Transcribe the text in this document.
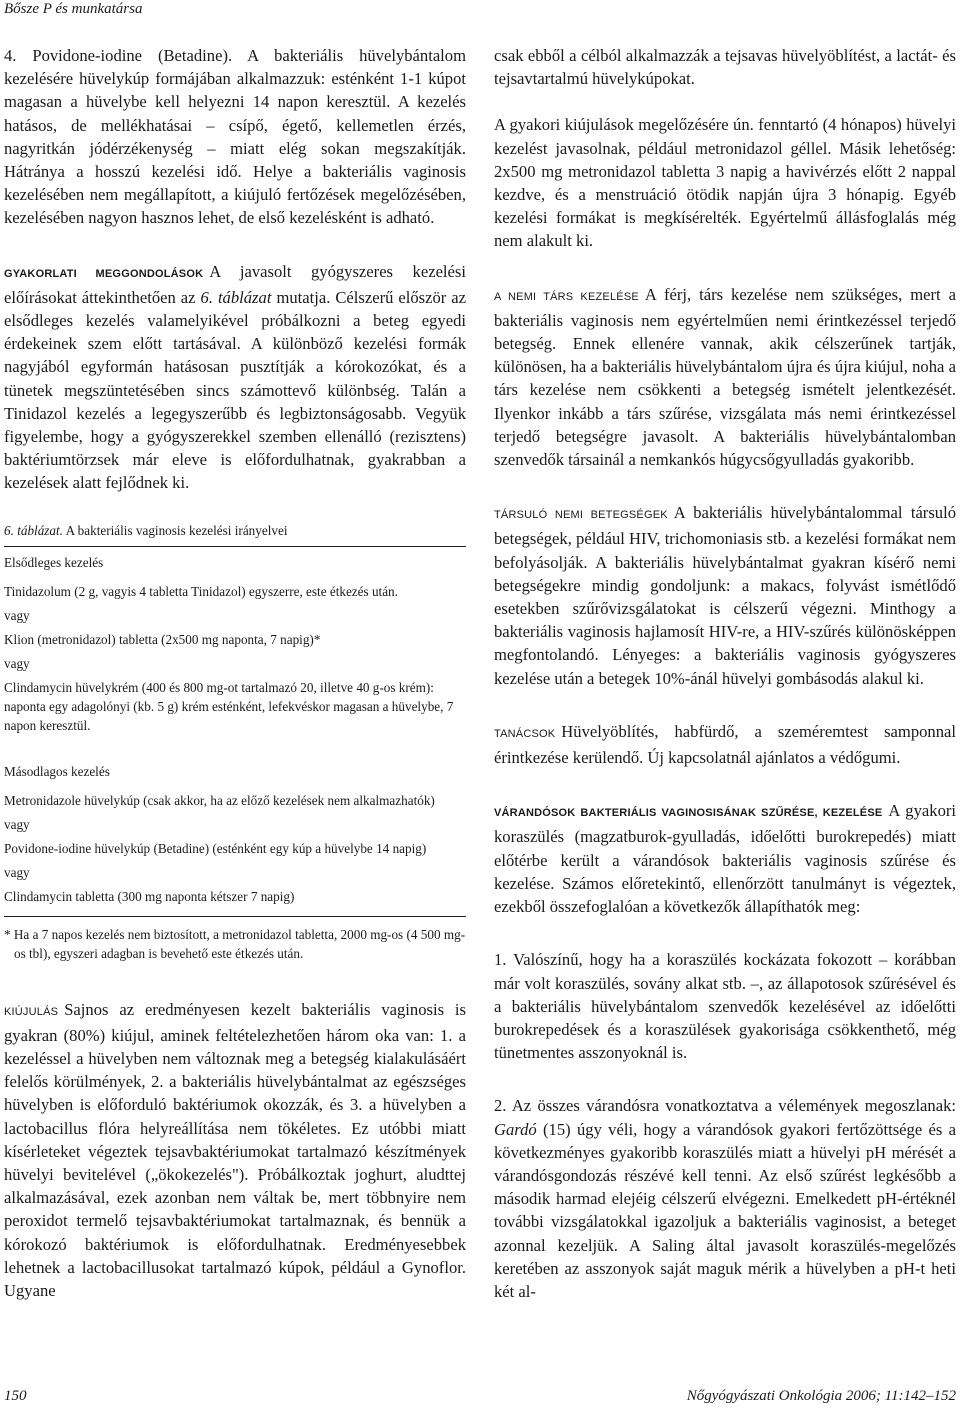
Bősze P és munkatársa

4. Povidone-iodine (Betadine). A bakteriális hüvelybántalom kezelésére hüvelykúp formájában alkalmazzuk: esténként 1-1 kúpot magasan a hüvelybe kell helyezni 14 napon keresztül. A kezelés hatásos, de mellékhatásai – csípő, égető, kellemetlen érzés, nagyritkán jódérzékenység – miatt elég sokan megszakítják. Hátránya a hosszú kezelési idő. Helye a bakteriális vaginosis kezelésében nem megállapított, a kiújuló fertőzések megelőzésében, kezelésében nagyon hasznos lehet, de első kezelésként is adható.

GYAKORLATI MEGGONDOLÁSOK A javasolt gyógyszeres kezelési előírásokat áttekinthetően az 6. táblázat mutatja. Célszerű először az elsődleges kezelés valamelyikével próbálkozni a beteg egyedi érdekeinek szem előtt tartásával. A különböző kezelési formák nagyjából egyformán hatásosan pusztítják a kórokozókat, és a tünetek megszüntetésében sincs számottevő különbség. Talán a Tinidazol kezelés a legegyszerűbb és legbiztonságosabb. Vegyük figyelembe, hogy a gyógyszerekkel szemben ellenálló (rezisztens) baktériumtörzsek már eleve is előfordulhatnak, gyakrabban a kezelések alatt fejlődnek ki.

6. táblázat. A bakteriális vaginosis kezelési irányelvei

Elsődleges kezelés

Tinidazolum (2 g, vagyis 4 tabletta Tinidazol) egyszerre, este étkezés után.

vagy

Klion (metronidazol) tabletta (2x500 mg naponta, 7 napig)*

vagy

Clindamycin hüvelykrém (400 és 800 mg-ot tartalmazó 20, illetve 40 g-os krém): naponta egy adagolónyi (kb. 5 g) krém esténként, lefekvéskor magasan a hüvelybe, 7 napon keresztül.

Másodlagos kezelés

Metronidazole hüvelykúp (csak akkor, ha az előző kezelések nem alkalmazhatók)

vagy

Povidone-iodine hüvelykúp (Betadine) (esténként egy kúp a hüvelybe 14 napig)

vagy

Clindamycin tabletta (300 mg naponta kétszer 7 napig)

* Ha a 7 napos kezelés nem biztosított, a metronidazol tabletta, 2000 mg-os (4 500 mg-os tbl), egyszeri adagban is bevehető este étkezés után.

KIÚJULÁS Sajnos az eredményesen kezelt bakteriális vaginosis is gyakran (80%) kiújul, aminek feltételezhetően három oka van: 1. a kezeléssel a hüvelyben nem változnak meg a betegség kialakulásáért felelős körülmények, 2. a bakteriális hüvelybántalmat az egészséges hüvelyben is előforduló baktériumok okozzák, és 3. a hüvelyben a lactobacillus flóra helyreállítása nem tökéletes. Ez utóbbi miatt kísérleteket végeztek tejsavbaktériumokat tartalmazó készítmények hüvelyi bevitelével („ökokezelés"). Próbálkoztak joghurt, aludttej alkalmazásával, ezek azonban nem váltak be, mert többnyire nem peroxidot termelő tejsavbaktériumokat tartalmaznak, és bennük a kórokozó baktériumok is előfordulhatnak. Eredményesebbek lehetnek a lactobacillusokat tartalmazó kúpok, például a Gynoflor. Ugyane

csak ebből a célból alkalmazzák a tejsavas hüvelyöblítést, a lactát- és tejsavtartalmú hüvelykúpokat.

A gyakori kiújulások megelőzésére ún. fenntartó (4 hónapos) hüvelyi kezelést javasolnak, például metronidazol géllel. Másik lehetőség: 2x500 mg metronidazol tabletta 3 napig a havivérzés előtt 2 nappal kezdve, és a menstruáció ötödik napján újra 3 hónapig. Egyéb kezelési formákat is megkísérelték. Egyértelmű állásfoglalás még nem alakult ki.

A NEMI TÁRS KEZELÉSE A férj, társ kezelése nem szükséges, mert a bakteriális vaginosis nem egyértelműen nemi érintkezéssel terjedő betegség. Ennek ellenére vannak, akik célszerűnek tartják, különösen, ha a bakteriális hüvelybántalom újra és újra kiújul, noha a társ kezelése nem csökkenti a betegség ismételt jelentkezését. Ilyenkor inkább a társ szűrése, vizsgálata más nemi érintkezéssel terjedő betegségre javasolt. A bakteriális hüvelybántalomban szenvedők társainál a nemkankós húgycsőgyulladás gyakoribb.

TÁRSULÓ NEMI BETEGSÉGEK A bakteriális hüvelybántalommal társuló betegségek, például HIV, trichomoniasis stb. a kezelési formákat nem befolyásolják. A bakteriális hüvelybántalmat gyakran kísérő nemi betegségekre mindig gondoljunk: a makacs, folyvást ismétlődő esetekben szűrővizsgálatokat is célszerű végezni. Minthogy a bakteriális vaginosis hajlamosít HIV-re, a HIV-szűrés különösképpen megfontolandó. Lényeges: a bakteriális vaginosis gyógyszeres kezelése után a betegek 10%-ánál hüvelyi gombásodás alakul ki.

TANÁCSOK Hüvelyöblítés, habfürdő, a szeméremtest samponnal érintkezése kerülendő. Új kapcsolatnál ajánlatos a védőgumi.

VÁRANDÓSOK BAKTERIÁLIS VAGINOSISÁNAK SZŰRÉSE, KEZELÉSE A gyakori koraszülés (magzatburok-gyulladás, időelőtti burokrepedés) miatt előtérbe került a várandósok bakteriális vaginosis szűrése és kezelése. Számos előretekintő, ellenőrzött tanulmányt is végeztek, ezekből összefoglalóan a következők állapíthatók meg:

1. Valószínű, hogy ha a koraszülés kockázata fokozott – korábban már volt koraszülés, sovány alkat stb. –, az állapotosok szűrésével és a bakteriális hüvelybántalom szenvedők kezelésével az időelőtti burokrepedések és a koraszülések gyakorisága csökkenthető, még tünetmentes asszonyoknál is.

2. Az összes várandósra vonatkoztatva a vélemények megoszlanak: Gardó (15) úgy véli, hogy a várandósok gyakori fertőzöttsége és a következményes gyakoribb koraszülés miatt a hüvelyi pH mérését a várandósgondozás részévé kell tenni. Az első szűrést legkésőbb a második harmad elejéig célszerű elvégezni. Emelkedett pH-értéknél további vizsgálatokkal igazoljuk a bakteriális vaginosist, a beteget azonnal kezeljük. A Saling által javasolt koraszülés-megelőzés keretében az asszonyok saját maguk mérik a hüvelyben a pH-t heti két al-

150	Nőgyógyászati Onkológia 2006; 11:142–152
